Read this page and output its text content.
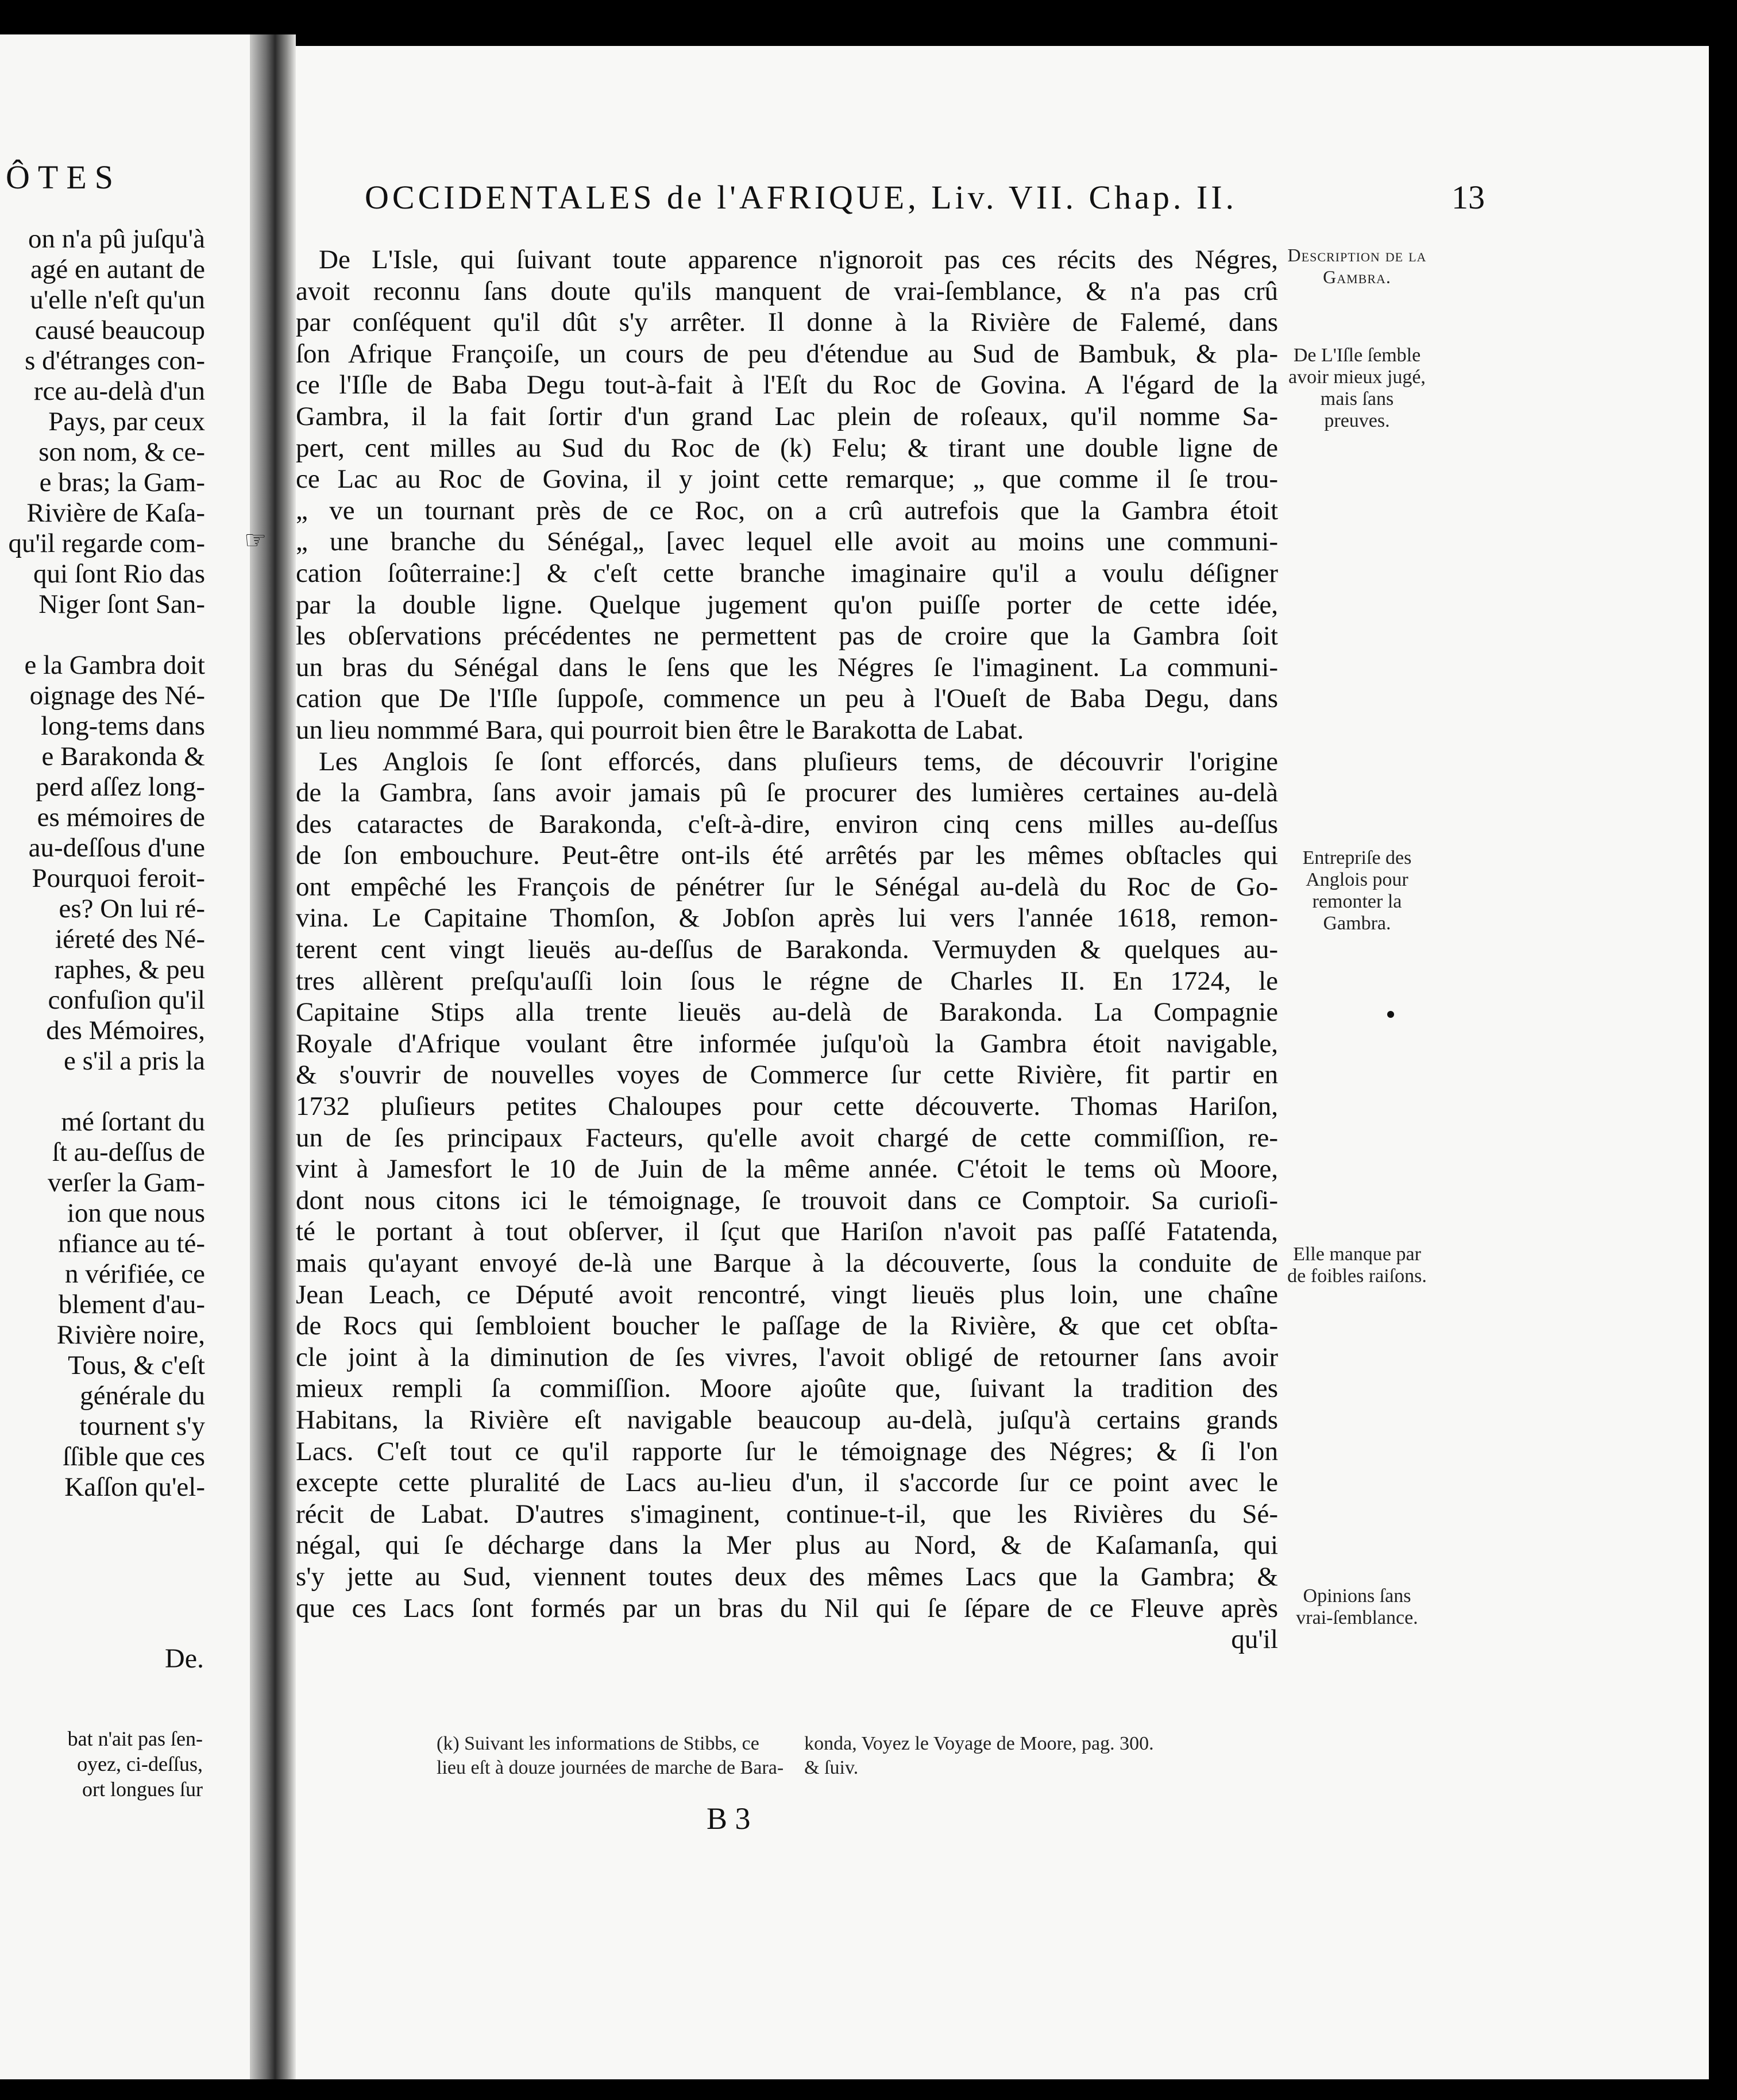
ÔTES
on n'a pû juſqu'à
agé en autant de
u'elle n'eſt qu'un
causé beaucoup
s d'étranges con-
rce au-delà d'un
Pays, par ceux
son nom, & ce-
e bras; la Gam-
Rivière de Kaſa-
qu'il regarde com-
qui ſont Rio das
Niger ſont San-
e la Gambra doit
oignage des Né-
long-tems dans
e Barakonda &
perd aſſez long-
es mémoires de
au-deſſous d'une
Pourquoi feroit-
es? On lui ré-
iéreté des Né-
raphes, & peu
confuſion qu'il
des Mémoires,
e s'il a pris la
mé ſortant du
ſt au-deſſus de
verſer la Gam-
ion que nous
nfiance au té-
n vérifiée, ce
blement d'au-
Rivière noire,
Tous, & c'eſt
générale du
tournent s'y
ſſible que ces
Kaſſon qu'el-
De.
bat n'ait pas ſen-
oyez, ci-deſſus,
ort longues ſur
OCCIDENTALES de l'AFRIQUE, Liv. VII. Chap. II.	13

De L'Isle, qui ſuivant toute apparence n'ignoroit pas ces récits des Négres,

avoit reconnu ſans doute qu'ils manquent de vrai-ſemblance, & n'a pas crû

par conſéquent qu'il dût s'y arrêter. Il donne à la Rivière de Falemé, dans

ſon Afrique Françoiſe, un cours de peu d'étendue au Sud de Bambuk, & pla-

ce l'Iſle de Baba Degu tout-à-fait à l'Eſt du Roc de Govina. A l'égard de la

Gambra, il la fait ſortir d'un grand Lac plein de roſeaux, qu'il nomme Sa-

pert, cent milles au Sud du Roc de (k) Felu; & tirant une double ligne de

ce Lac au Roc de Govina, il y joint cette remarque; „ que comme il ſe trou-

„ ve un tournant près de ce Roc, on a crû autrefois que la Gambra étoit

„ une branche du Sénégal„ [avec lequel elle avoit au moins une communi-

cation ſoûterraine:] & c'eſt cette branche imaginaire qu'il a voulu déſigner

par la double ligne. Quelque jugement qu'on puiſſe porter de cette idée,

les obſervations précédentes ne permettent pas de croire que la Gambra ſoit

un bras du Sénégal dans le ſens que les Négres ſe l'imaginent. La communi-

cation que De l'Iſle ſuppoſe, commence un peu à l'Oueſt de Baba Degu, dans

un lieu nommmé Bara, qui pourroit bien être le Barakotta de Labat.

Les Anglois ſe ſont efforcés, dans pluſieurs tems, de découvrir l'origine

de la Gambra, ſans avoir jamais pû ſe procurer des lumières certaines au-delà

des cataractes de Barakonda, c'eſt-à-dire, environ cinq cens milles au-deſſus

de ſon embouchure. Peut-être ont-ils été arrêtés par les mêmes obſtacles qui

ont empêché les François de pénétrer ſur le Sénégal au-delà du Roc de Go-

vina. Le Capitaine Thomſon, & Jobſon après lui vers l'année 1618, remon-

terent cent vingt lieuës au-deſſus de Barakonda. Vermuyden & quelques au-

tres allèrent preſqu'auſſi loin ſous le régne de Charles II. En 1724, le

Capitaine Stips alla trente lieuës au-delà de Barakonda. La Compagnie

Royale d'Afrique voulant être informée juſqu'où la Gambra étoit navigable,

& s'ouvrir de nouvelles voyes de Commerce ſur cette Rivière, fit partir en

1732 pluſieurs petites Chaloupes pour cette découverte. Thomas Hariſon,

un de ſes principaux Facteurs, qu'elle avoit chargé de cette commiſſion, re-

vint à Jamesfort le 10 de Juin de la même année. C'étoit le tems où Moore,

dont nous citons ici le témoignage, ſe trouvoit dans ce Comptoir. Sa curioſi-

té le portant à tout obſerver, il ſçut que Hariſon n'avoit pas paſſé Fatatenda,

mais qu'ayant envoyé de-là une Barque à la découverte, ſous la conduite de

Jean Leach, ce Député avoit rencontré, vingt lieuës plus loin, une chaîne

de Rocs qui ſembloient boucher le paſſage de la Rivière, & que cet obſta-

cle joint à la diminution de ſes vivres, l'avoit obligé de retourner ſans avoir

mieux rempli ſa commiſſion. Moore ajoûte que, ſuivant la tradition des

Habitans, la Rivière eſt navigable beaucoup au-delà, juſqu'à certains grands

Lacs. C'eſt tout ce qu'il rapporte ſur le témoignage des Négres; & ſi l'on

excepte cette pluralité de Lacs au-lieu d'un, il s'accorde ſur ce point avec le

récit de Labat. D'autres s'imaginent, continue-t-il, que les Rivières du Sé-

négal, qui ſe décharge dans la Mer plus au Nord, & de Kaſamanſa, qui

s'y jette au Sud, viennent toutes deux des mêmes Lacs que la Gambra; &

que ces Lacs ſont formés par un bras du Nil qui ſe ſépare de ce Fleuve après

qu'il

Description de la Gambra.
De L'Iſle ſemble avoir mieux jugé, mais ſans preuves.
Entrepriſe des Anglois pour remonter la Gambra.
Elle manque par de foibles raiſons.
Opinions ſans vrai-ſemblance.
☞
(k) Suivant les informations de Stibbs, ce
lieu eſt à douze journées de marche de Bara-
konda, Voyez le Voyage de Moore, pag. 300.
& ſuiv.
B 3
